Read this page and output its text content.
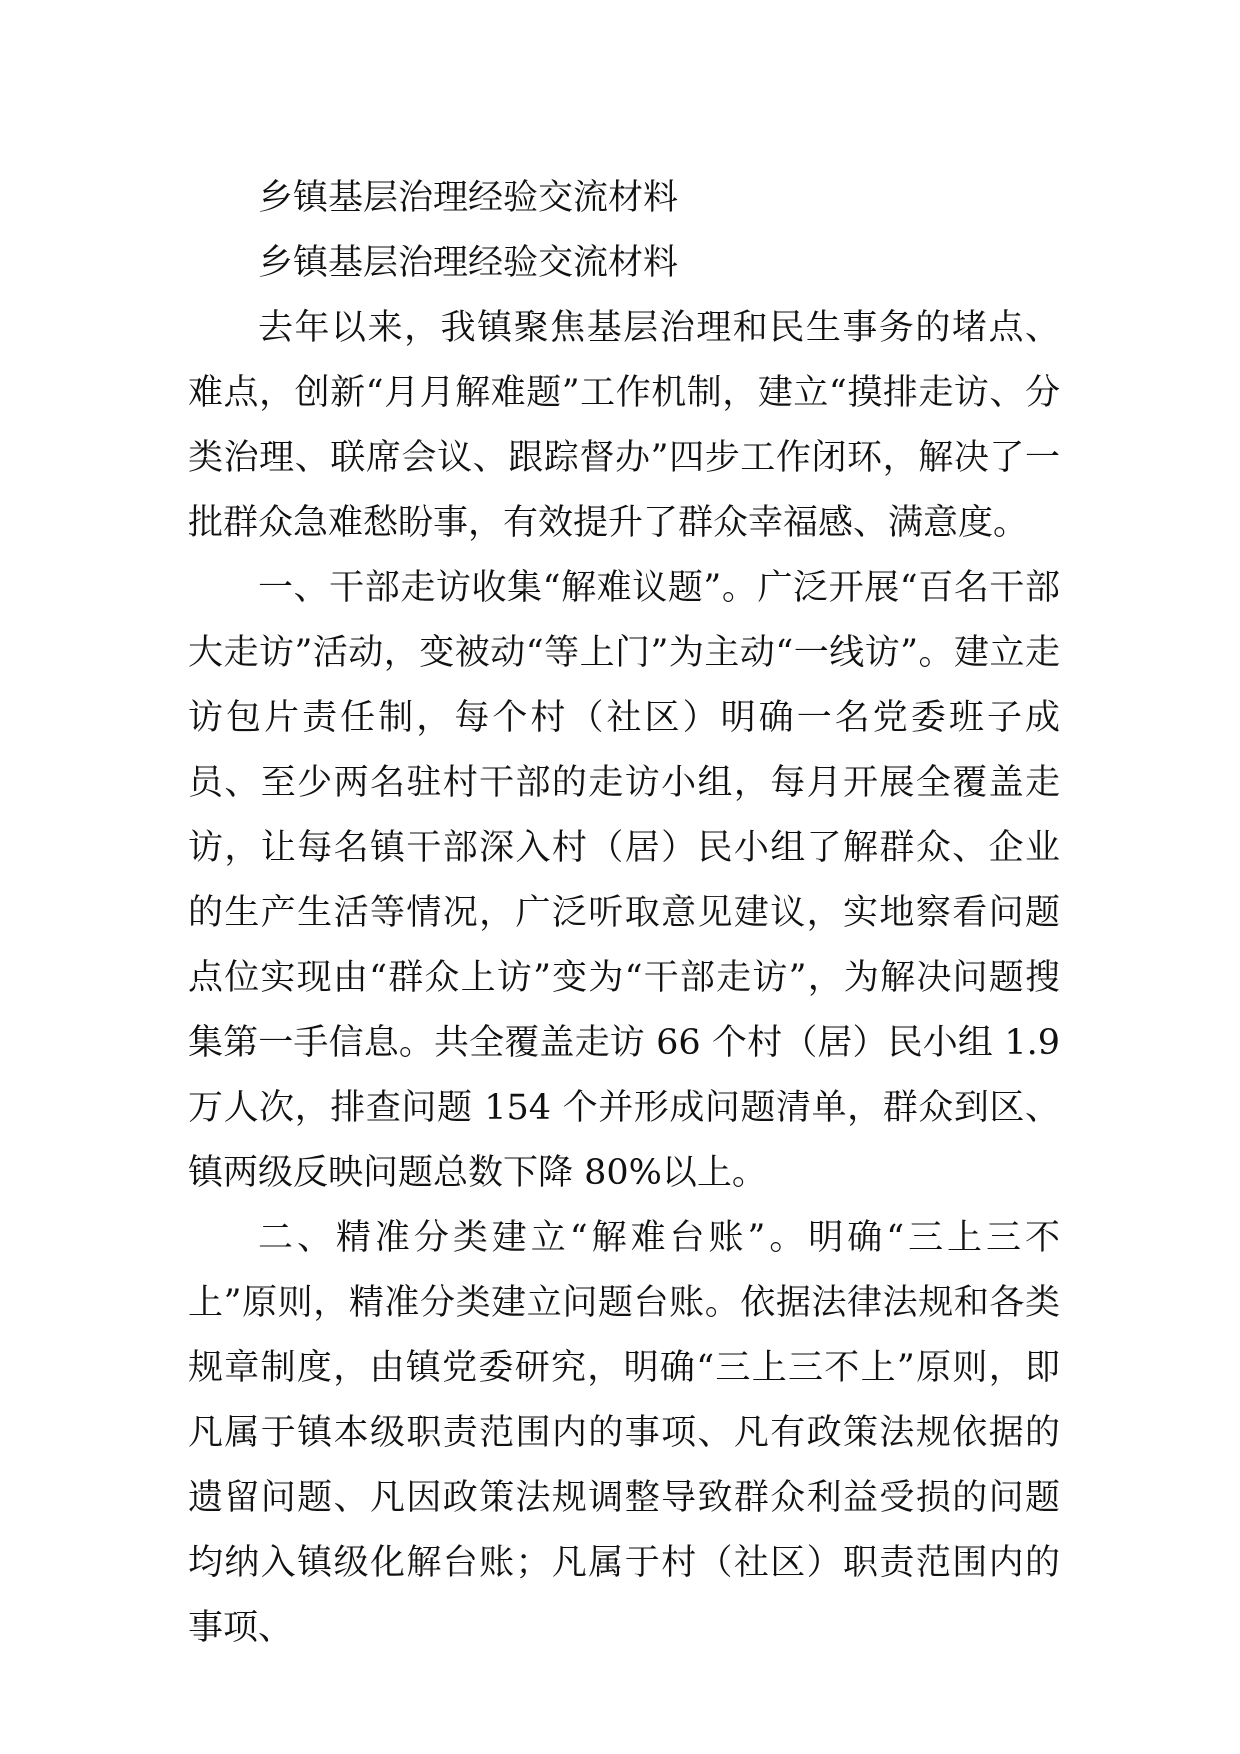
乡镇基层治理经验交流材料

乡镇基层治理经验交流材料

去年以来，我镇聚焦基层治理和民生事务的堵点、难点，创新“月月解难题”工作机制，建立“摸排走访、分类治理、联席会议、跟踪督办”四步工作闭环，解决了一批群众急难愁盼事，有效提升了群众幸福感、满意度。

一、干部走访收集“解难议题”。广泛开展“百名干部大走访”活动，变被动“等上门”为主动“一线访”。建立走访包片责任制，每个村（社区）明确一名党委班子成员、至少两名驻村干部的走访小组，每月开展全覆盖走访，让每名镇干部深入村（居）民小组了解群众、企业的生产生活等情况，广泛听取意见建议，实地察看问题点位实现由“群众上访”变为“干部走访”，为解决问题搜集第一手信息。共全覆盖走访 66 个村（居）民小组 1.9 万人次，排查问题 154 个并形成问题清单，群众到区、镇两级反映问题总数下降 80%以上。

二、精准分类建立“解难台账”。明确“三上三不上”原则，精准分类建立问题台账。依据法律法规和各类规章制度，由镇党委研究，明确“三上三不上”原则，即凡属于镇本级职责范围内的事项、凡有政策法规依据的遗留问题、凡因政策法规调整导致群众利益受损的问题均纳入镇级化解台账；凡属于村（社区）职责范围内的事项、
